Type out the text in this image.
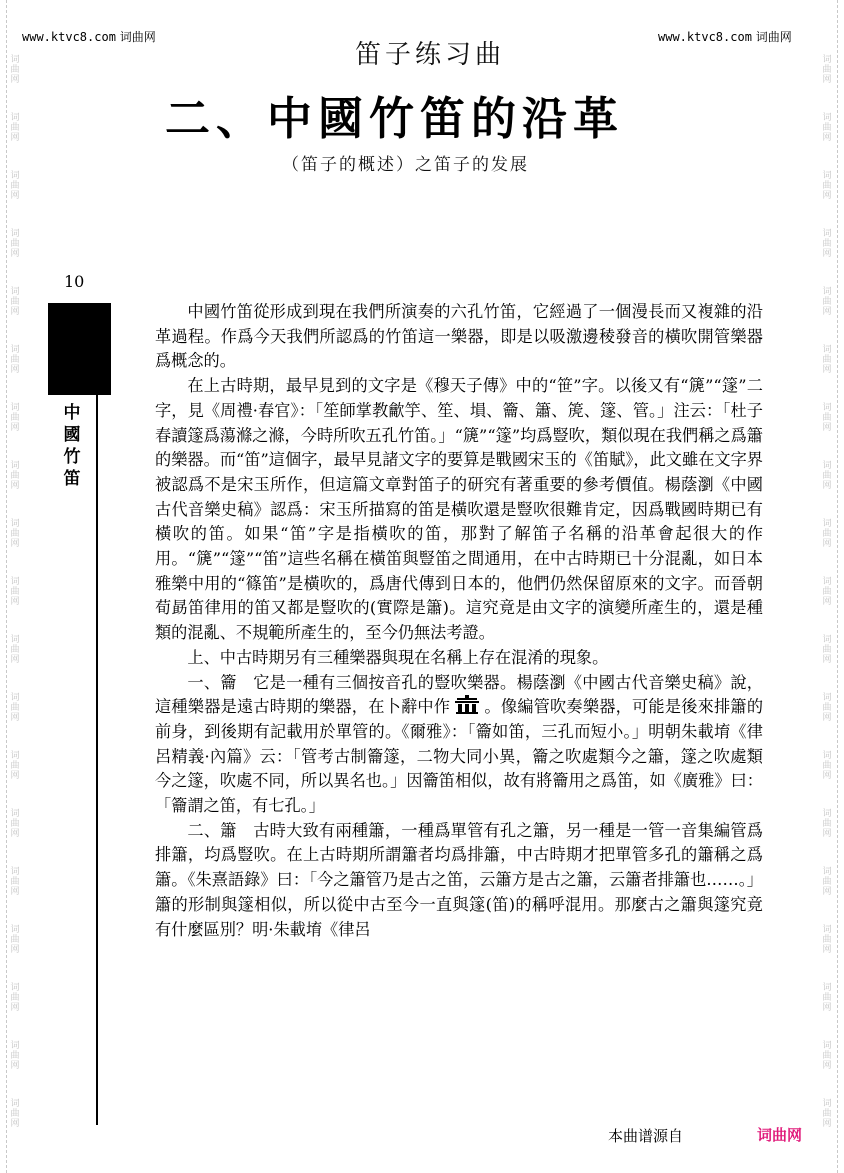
词曲网
词曲网
词曲网
词曲网
词曲网
词曲网
词曲网
词曲网
词曲网
词曲网
词曲网
词曲网
词曲网
词曲网
词曲网
词曲网
词曲网
词曲网
词曲网
词曲网
词曲网
词曲网
词曲网
词曲网
词曲网
词曲网
词曲网
词曲网
词曲网
词曲网
词曲网
词曲网
词曲网
词曲网
词曲网
词曲网
词曲网
词曲网
www.ktvc8.com 词曲网	www.ktvc8.com 词曲网
笛子练习曲
二、中國竹笛的沿革
（笛子的概述）之笛子的发展
10
中國竹笛

中國竹笛從形成到現在我們所演奏的六孔竹笛，它經過了一個漫長而又複雜的沿革過程。作爲今天我們所認爲的竹笛這一樂器，即是以吸激邊稜發音的橫吹開管樂器爲概念的。

在上古時期，最早見到的文字是《穆天子傳》中的“笹”字。以後又有“篪”“篴”二字，見《周禮·春官》：「笙師掌教龡竽、笙、塤、籥、簫、箎、篴、管。」注云：「杜子春讀篴爲蕩滌之滌，今時所吹五孔竹笛。」“篪”“篴”均爲豎吹，類似現在我們稱之爲簫的樂器。而“笛”這個字，最早見諸文字的要算是戰國宋玉的《笛賦》，此文雖在文字界被認爲不是宋玉所作，但這篇文章對笛子的研究有著重要的參考價值。楊蔭瀏《中國古代音樂史稿》認爲：宋玉所描寫的笛是橫吹還是豎吹很難肯定，因爲戰國時期已有橫吹的笛。如果“笛”字是指橫吹的笛，那對了解笛子名稱的沿革會起很大的作用。“篪”“篴”“笛”這些名稱在橫笛與豎笛之間通用，在中古時期已十分混亂，如日本雅樂中用的“篠笛”是橫吹的，爲唐代傳到日本的，他們仍然保留原來的文字。而晉朝荀勗笛律用的笛又都是豎吹的(實際是簫)。這究竟是由文字的演變所產生的，還是種類的混亂、不規範所產生的，至今仍無法考證。

上、中古時期另有三種樂器與現在名稱上存在混淆的現象。

一、籥　它是一種有三個按音孔的豎吹樂器。楊蔭瀏《中國古代音樂史稿》說，這種樂器是遠古時期的樂器，在卜辭中作 。像編管吹奏樂器，可能是後來排簫的前身，到後期有記載用於單管的。《爾雅》：「籥如笛，三孔而短小。」明朝朱載堉《律呂精義·內篇》云：「管考古制籥篴，二物大同小異，籥之吹處類今之簫，篴之吹處類今之篴，吹處不同，所以異名也。」因籥笛相似，故有將籥用之爲笛，如《廣雅》曰：「籥謂之笛，有七孔。」

二、簫　古時大致有兩種簫，一種爲單管有孔之簫，另一種是一管一音集編管爲排簫，均爲豎吹。在上古時期所謂簫者均爲排簫，中古時期才把單管多孔的簫稱之爲簫。《朱熹語錄》曰：「今之簫管乃是古之笛，云簫方是古之簫，云簫者排簫也……。」簫的形制與篴相似，所以從中古至今一直與篴(笛)的稱呼混用。那麼古之簫與篴究竟有什麼區別？明·朱載堉《律呂

本曲谱源自	词曲网
